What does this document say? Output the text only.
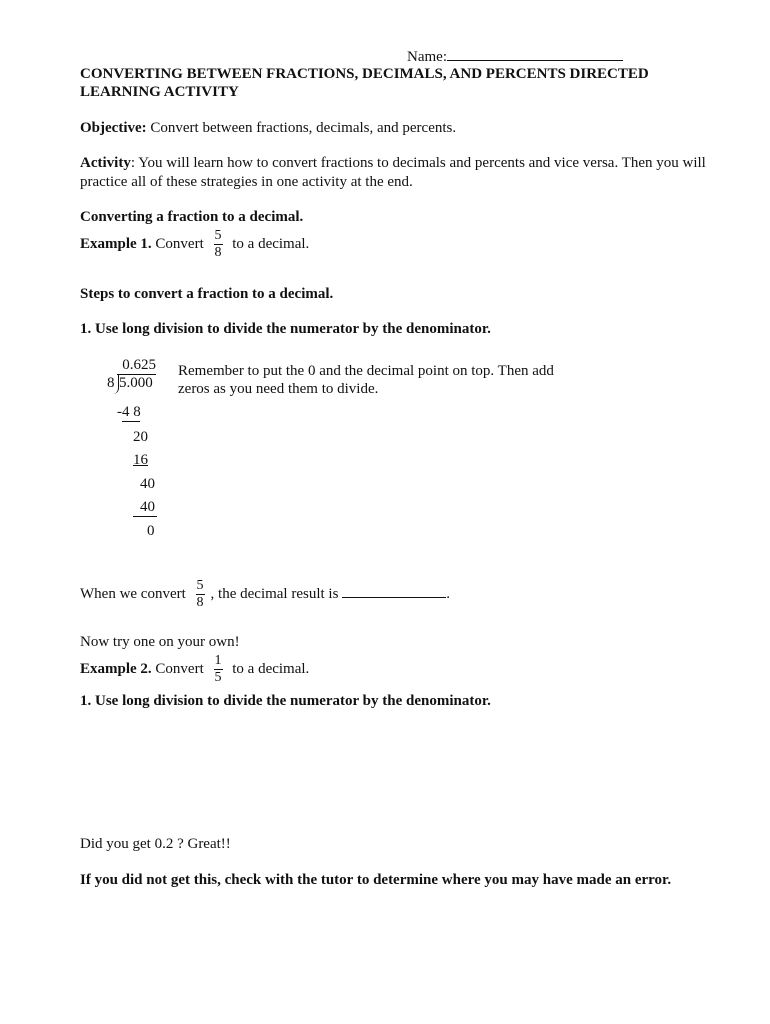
Name:
CONVERTING BETWEEN FRACTIONS, DECIMALS, AND PERCENTS DIRECTED
LEARNING ACTIVITY
Objective: Convert between fractions, decimals, and percents.
Activity: You will learn how to convert fractions to decimals and percents and vice versa. Then you will
practice all of these strategies in one activity at the end.
Converting a fraction to a decimal.
Example 1. Convert $\frac{5}{8}$ to a decimal.
Steps to convert a fraction to a decimal.
1. Use long division to divide the numerator by the denominator.
0.625
8 5.000
-4 8
20
16
40
40
0
Remember to put the 0 and the decimal point on top. Then add
zeros as you need them to divide.
When we convert $\frac{5}{8}$ , the decimal result is	.
Now try one on your own!
Example 2. Convert $\frac{1}{5}$ to a decimal.
1. Use long division to divide the numerator by the denominator.
Did you get 0.2 ? Great!!
If you did not get this, check with the tutor to determine where you may have made an error.
